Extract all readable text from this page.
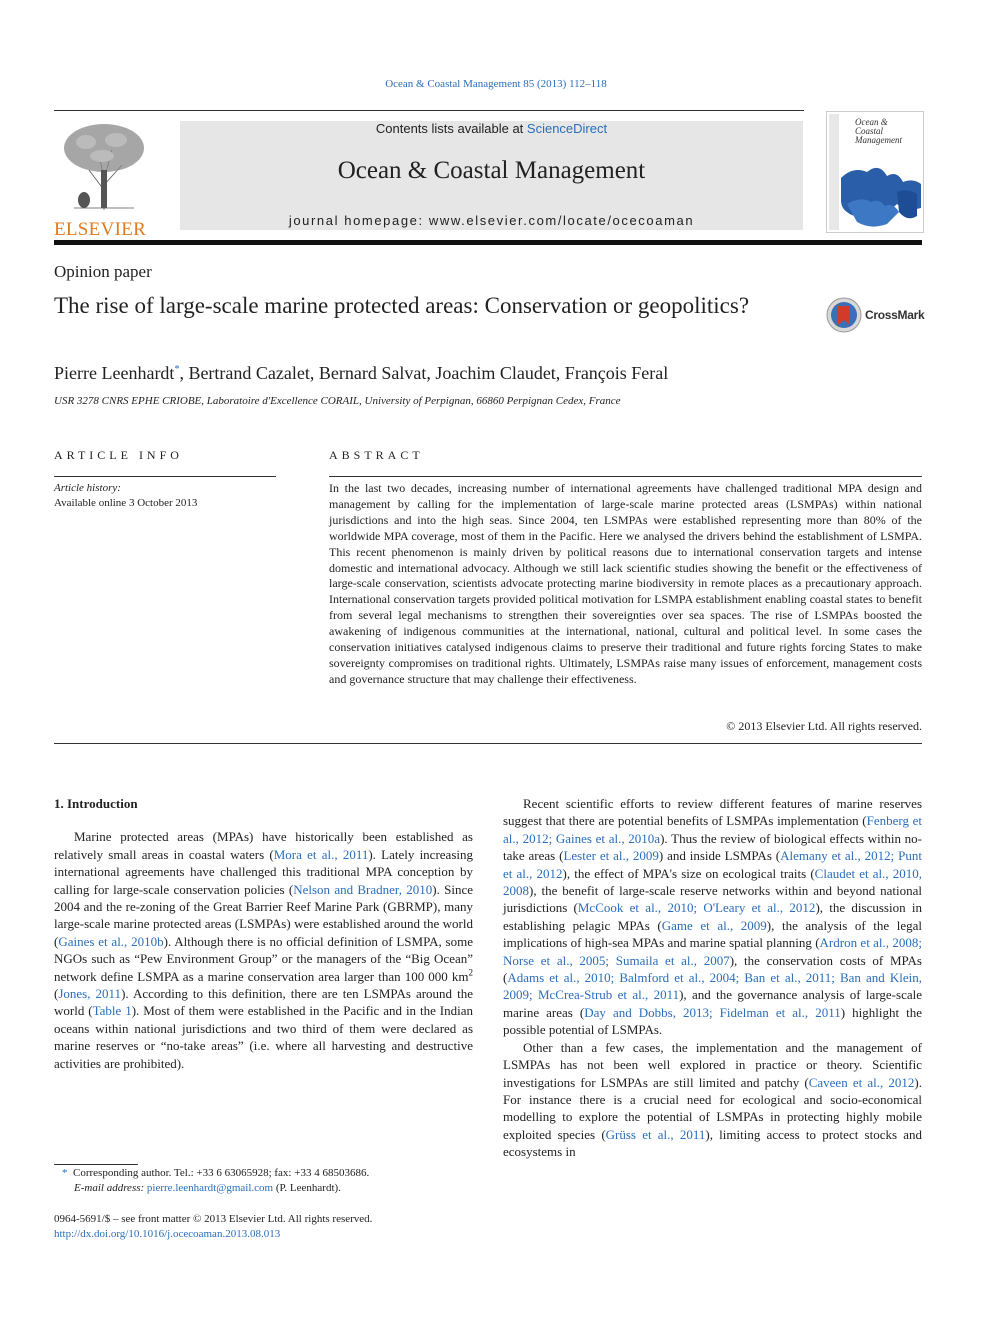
Ocean & Coastal Management 85 (2013) 112–118
ELSEVIER
Contents lists available at ScienceDirect
Ocean & Coastal Management
journal homepage: www.elsevier.com/locate/ocecoaman
Ocean & Coastal Management
Opinion paper
The rise of large-scale marine protected areas: Conservation or geopolitics?	CrossMark
Pierre Leenhardt*, Bertrand Cazalet, Bernard Salvat, Joachim Claudet, François Feral
USR 3278 CNRS EPHE CRIOBE, Laboratoire d'Excellence CORAIL, University of Perpignan, 66860 Perpignan Cedex, France
ARTICLE INFO	ABSTRACT
Article history:
Available online 3 October 2013
In the last two decades, increasing number of international agreements have challenged traditional MPA design and management by calling for the implementation of large-scale marine protected areas (LSMPAs) within national jurisdictions and into the high seas. Since 2004, ten LSMPAs were established representing more than 80% of the worldwide MPA coverage, most of them in the Pacific. Here we analysed the drivers behind the establishment of LSMPA. This recent phenomenon is mainly driven by political reasons due to international conservation targets and intense domestic and international advocacy. Although we still lack scientific studies showing the benefit or the effectiveness of large-scale conservation, scientists advocate protecting marine biodiversity in remote places as a precautionary approach. International conservation targets provided political motivation for LSMPA establishment enabling coastal states to benefit from several legal mechanisms to strengthen their sovereignties over sea spaces. The rise of LSMPAs boosted the awakening of indigenous communities at the international, national, cultural and political level. In some cases the conservation initiatives catalysed indigenous claims to preserve their traditional and future rights forcing States to make sovereignty compromises on traditional rights. Ultimately, LSMPAs raise many issues of enforcement, management costs and governance structure that may challenge their effectiveness.
© 2013 Elsevier Ltd. All rights reserved.
1. Introduction

Marine protected areas (MPAs) have historically been established as relatively small areas in coastal waters (Mora et al., 2011). Lately increasing international agreements have challenged this traditional MPA conception by calling for large-scale conservation policies (Nelson and Bradner, 2010). Since 2004 and the re-zoning of the Great Barrier Reef Marine Park (GBRMP), many large-scale marine protected areas (LSMPAs) were established around the world (Gaines et al., 2010b). Although there is no official definition of LSMPA, some NGOs such as “Pew Environment Group” or the managers of the “Big Ocean” network define LSMPA as a marine conservation area larger than 100 000 $km^2$ (Jones, 2011). According to this definition, there are ten LSMPAs around the world (Table 1). Most of them were established in the Pacific and in the Indian oceans within national jurisdictions and two third of them were declared as marine reserves or “no-take areas” (i.e. where all harvesting and destructive activities are prohibited).

Recent scientific efforts to review different features of marine reserves suggest that there are potential benefits of LSMPAs implementation (Fenberg et al., 2012; Gaines et al., 2010a). Thus the review of biological effects within no-take areas (Lester et al., 2009) and inside LSMPAs (Alemany et al., 2012; Punt et al., 2012), the effect of MPA's size on ecological traits (Claudet et al., 2010, 2008), the benefit of large-scale reserve networks within and beyond national jurisdictions (McCook et al., 2010; O'Leary et al., 2012), the discussion in establishing pelagic MPAs (Game et al., 2009), the analysis of the legal implications of high-sea MPAs and marine spatial planning (Ardron et al., 2008; Norse et al., 2005; Sumaila et al., 2007), the conservation costs of MPAs (Adams et al., 2010; Balmford et al., 2004; Ban et al., 2011; Ban and Klein, 2009; McCrea-Strub et al., 2011), and the governance analysis of large-scale marine areas (Day and Dobbs, 2013; Fidelman et al., 2011) highlight the possible potential of LSMPAs.

Other than a few cases, the implementation and the management of LSMPAs has not been well explored in practice or theory. Scientific investigations for LSMPAs are still limited and patchy (Caveen et al., 2012). For instance there is a crucial need for ecological and socio-economical modelling to explore the potential of LSMPAs in protecting highly mobile exploited species (Grüss et al., 2011), limiting access to protect stocks and ecosystems in

* Corresponding author. Tel.: +33 6 63065928; fax: +33 4 68503686.
E-mail address: pierre.leenhardt@gmail.com (P. Leenhardt).
0964-5691/$ – see front matter © 2013 Elsevier Ltd. All rights reserved.
http://dx.doi.org/10.1016/j.ocecoaman.2013.08.013
